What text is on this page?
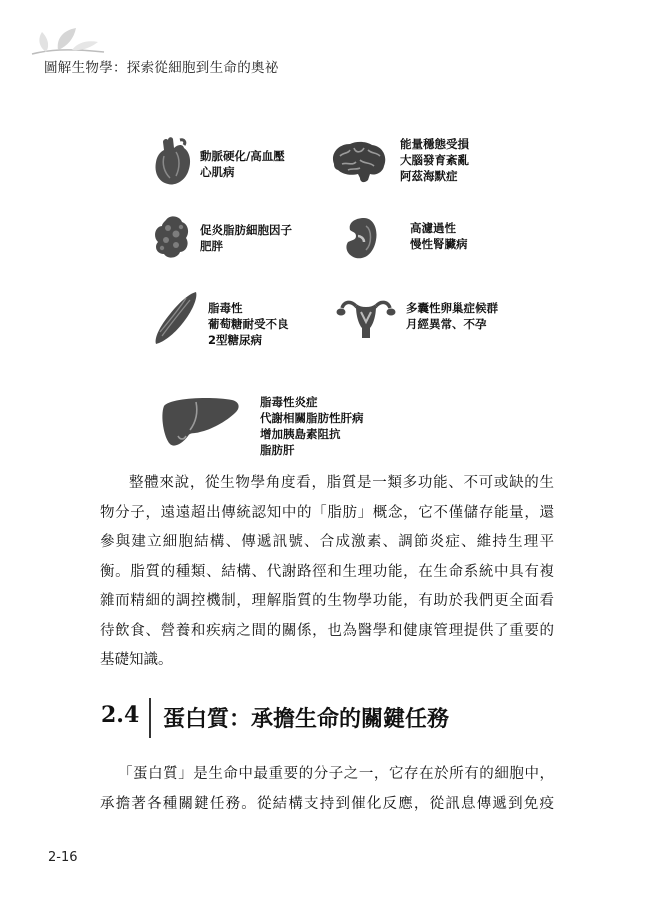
圖解生物學：探索從細胞到生命的奧祕
動脈硬化/高血壓
心肌病
能量穩態受損
大腦發育紊亂
阿茲海默症
促炎脂肪細胞因子
肥胖
高濾過性
慢性腎臟病
脂毒性
葡萄糖耐受不良
2型糖尿病
多囊性卵巢症候群
月經異常、不孕
脂毒性炎症
代謝相關脂肪性肝病
增加胰島素阻抗
脂肪肝
整體來說，從生物學角度看，脂質是一類多功能、不可或缺的生
物分子，遠遠超出傳統認知中的「脂肪」概念，它不僅儲存能量，還
參與建立細胞結構、傳遞訊號、合成激素、調節炎症、維持生理平
衡。脂質的種類、結構、代謝路徑和生理功能，在生命系統中具有複
雜而精細的調控機制，理解脂質的生物學功能，有助於我們更全面看
待飲食、營養和疾病之間的關係，也為醫學和健康管理提供了重要的
基礎知識。
2.4 蛋白質：承擔生命的關鍵任務
「蛋白質」是生命中最重要的分子之一，它存在於所有的細胞中，
承擔著各種關鍵任務。從結構支持到催化反應，從訊息傳遞到免疫
2-16
